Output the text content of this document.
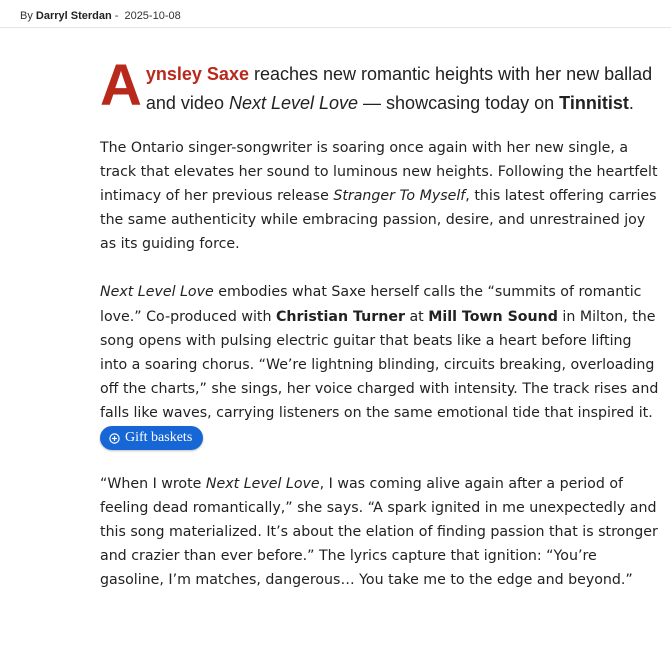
By Darryl Sterdan - 2025-10-08

Aynsley Saxe reaches new romantic heights with her new ballad and video Next Level Love — showcasing today on Tinnitist.

The Ontario singer-songwriter is soaring once again with her new single, a track that elevates her sound to luminous new heights. Following the heartfelt intimacy of her previous release Stranger To Myself, this latest offering carries the same authenticity while embracing passion, desire, and unrestrained joy as its guiding force.

Next Level Love embodies what Saxe herself calls the “summits of romantic love.” Co-produced with Christian Turner at Mill Town Sound in Milton, the song opens with pulsing electric guitar that beats like a heart before lifting into a soaring chorus. “We’re lightning blinding, circuits breaking, overloading off the charts,” she sings, her voice charged with intensity. The track rises and falls like waves, carrying listeners on the same emotional tide that inspired it.

Gift baskets

“When I wrote Next Level Love, I was coming alive again after a period of feeling dead romantically,” she says. “A spark ignited in me unexpectedly and this song materialized. It’s about the elation of finding passion that is stronger and crazier than ever before.” The lyrics capture that ignition: “You’re gasoline, I’m matches, dangerous… You take me to the edge and beyond.”
